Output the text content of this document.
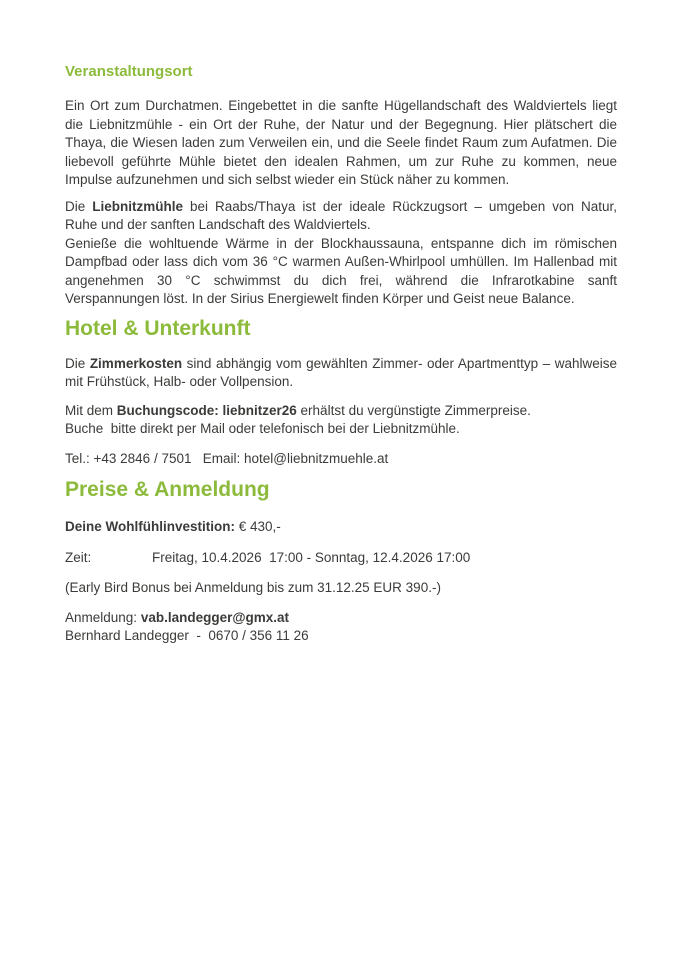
Veranstaltungsort

Ein Ort zum Durchatmen. Eingebettet in die sanfte Hügellandschaft des Waldviertels liegt die Liebnitzmühle - ein Ort der Ruhe, der Natur und der Begegnung. Hier plätschert die Thaya, die Wiesen laden zum Verweilen ein, und die Seele findet Raum zum Aufatmen. Die liebevoll geführte Mühle bietet den idealen Rahmen, um zur Ruhe zu kommen, neue Impulse aufzunehmen und sich selbst wieder ein Stück näher zu kommen.

Die Liebnitzmühle bei Raabs/Thaya ist der ideale Rückzugsort – umgeben von Natur, Ruhe und der sanften Landschaft des Waldviertels.

Genieße die wohltuende Wärme in der Blockhaussauna, entspanne dich im römischen Dampfbad oder lass dich vom 36 °C warmen Außen-Whirlpool umhüllen. Im Hallenbad mit angenehmen 30 °C schwimmst du dich frei, während die Infrarotkabine sanft Verspannungen löst. In der Sirius Energiewelt finden Körper und Geist neue Balance.

Hotel & Unterkunft

Die Zimmerkosten sind abhängig vom gewählten Zimmer- oder Apartmenttyp – wahlweise mit Frühstück, Halb- oder Vollpension.

Mit dem Buchungscode: liebnitzer26 erhältst du vergünstigte Zimmerpreise.

Buche  bitte direkt per Mail oder telefonisch bei der Liebnitzmühle.

Tel.: +43 2846 / 7501   Email: hotel@liebnitzmuehle.at

Preise & Anmeldung

Deine Wohlfühlinvestition: € 430,-

Zeit:	Freitag, 10.4.2026  17:00 - Sonntag, 12.4.2026 17:00

(Early Bird Bonus bei Anmeldung bis zum 31.12.25 EUR 390.-)

Anmeldung: vab.landegger@gmx.at

Bernhard Landegger  -  0670 / 356 11 26
